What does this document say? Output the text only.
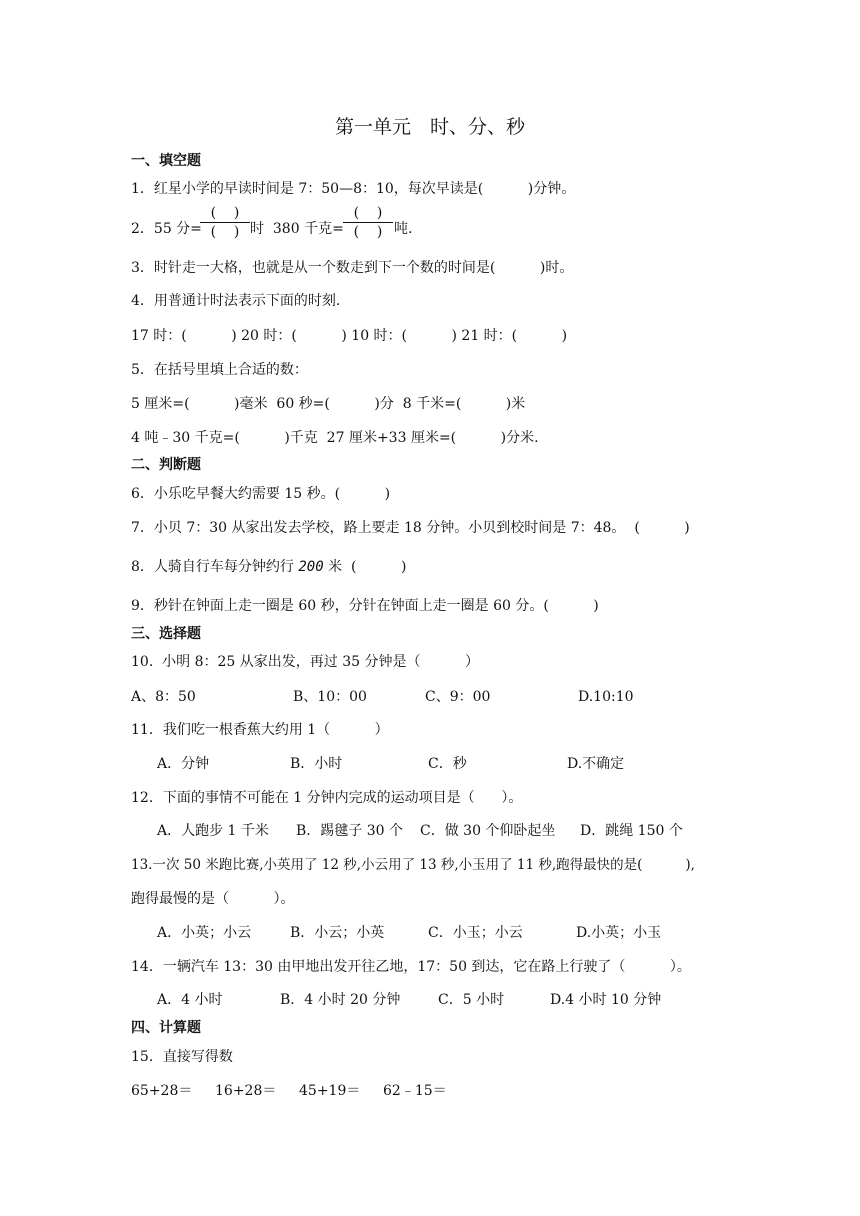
第一单元　时、分、秒
一、填空题
1．红星小学的早读时间是 7：50—8：10，每次早读是(          )分钟。
2．55 分=
(    )
(    ) 时  380 千克=
(    )
(    ) 吨.
3．时针走一大格，也就是从一个数走到下一个数的时间是(          )时。
4．用普通计时法表示下面的时刻.
17 时：(          ) 20 时：(          ) 10 时：(          ) 21 时：(          )
5．在括号里填上合适的数：
5 厘米=(          )毫米  60 秒=(          )分  8 千米=(          )米
4 吨﹣30 千克=(          )千克  27 厘米+33 厘米=(          )分米.
二、判断题
6．小乐吃早餐大约需要 15 秒。(          )
7．小贝 7：30 从家出发去学校，路上要走 18 分钟。小贝到校时间是 7：48。  (          )
8．人骑自行车每分钟约行 200 米  (          )
9．秒针在钟面上走一圈是 60 秒，分针在钟面上走一圈是 60 分。(          )
三、选择题
10.  小明 8：25 从家出发，再过 35 分钟是（          ）
A、8：50	B、10：00	C、9：00	D.10:10
11．我们吃一根香蕉大约用 1（          ）
A．分钟	B．小时	C．秒	D.不确定
12．下面的事情不可能在 1 分钟内完成的运动项目是（      ）。
A．人跑步 1 千米 B．踢毽子 30 个 C．做 30 个仰卧起坐 D．跳绳 150 个
13.一次 50 米跑比赛,小英用了 12 秒,小云用了 13 秒,小玉用了 11 秒,跑得最快的是(          ),
跑得最慢的是（          ）。
A．小英；小云	B．小云；小英	C．小玉；小云	D.小英；小玉
14．一辆汽车 13：30 由甲地出发开往乙地，17：50 到达，它在路上行驶了（          ）。
A．4 小时	B．4 小时 20 分钟	C．5 小时	D.4 小时 10 分钟
四、计算题
15．直接写得数
65+28＝ 16+28＝ 45+19＝ 62﹣15＝
